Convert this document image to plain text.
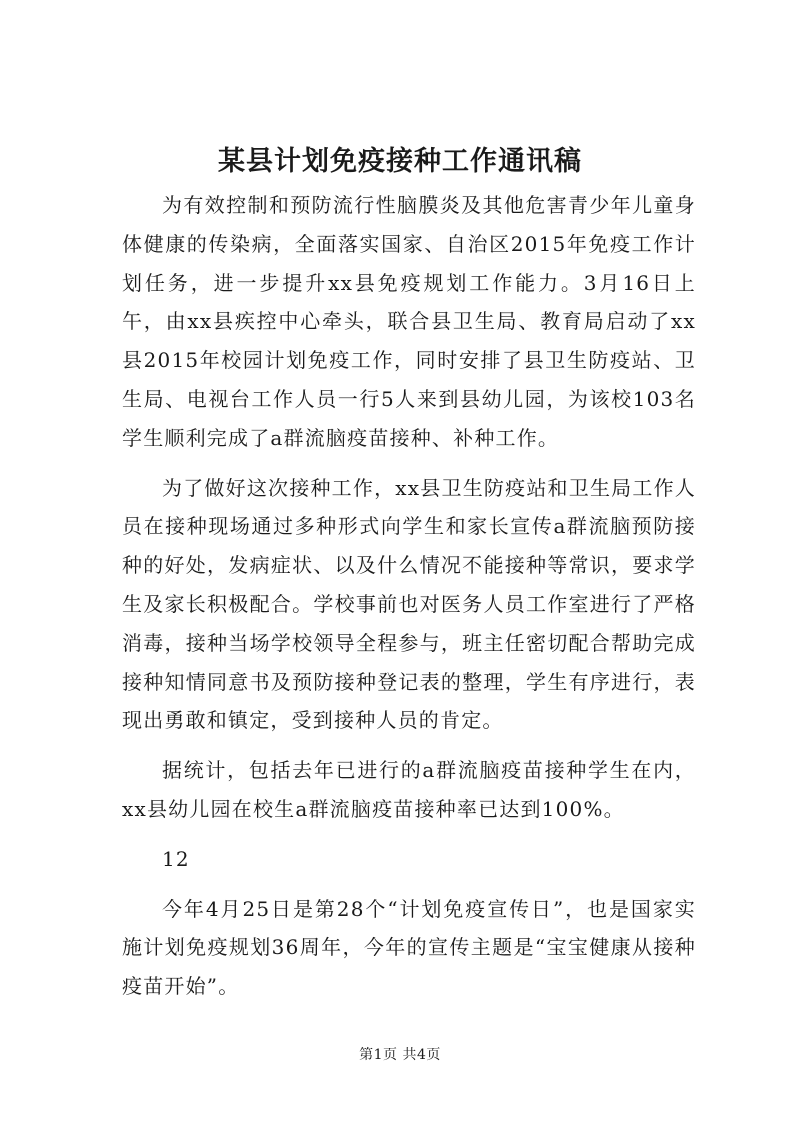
某县计划免疫接种工作通讯稿

为有效控制和预防流行性脑膜炎及其他危害青少年儿童身体健康的传染病，全面落实国家、自治区2015年免疫工作计划任务，进一步提升xx县免疫规划工作能力。3月16日上午，由xx县疾控中心牵头，联合县卫生局、教育局启动了xx县2015年校园计划免疫工作，同时安排了县卫生防疫站、卫生局、电视台工作人员一行5人来到县幼儿园，为该校103名学生顺利完成了a群流脑疫苗接种、补种工作。

为了做好这次接种工作，xx县卫生防疫站和卫生局工作人员在接种现场通过多种形式向学生和家长宣传a群流脑预防接种的好处，发病症状、以及什么情况不能接种等常识，要求学生及家长积极配合。学校事前也对医务人员工作室进行了严格消毒，接种当场学校领导全程参与，班主任密切配合帮助完成接种知情同意书及预防接种登记表的整理，学生有序进行，表现出勇敢和镇定，受到接种人员的肯定。

据统计，包括去年已进行的a群流脑疫苗接种学生在内，xx县幼儿园在校生a群流脑疫苗接种率已达到100%。

12

今年4月25日是第28个“计划免疫宣传日”，也是国家实施计划免疫规划36周年，今年的宣传主题是“宝宝健康从接种疫苗开始”。

第1页 共4页
